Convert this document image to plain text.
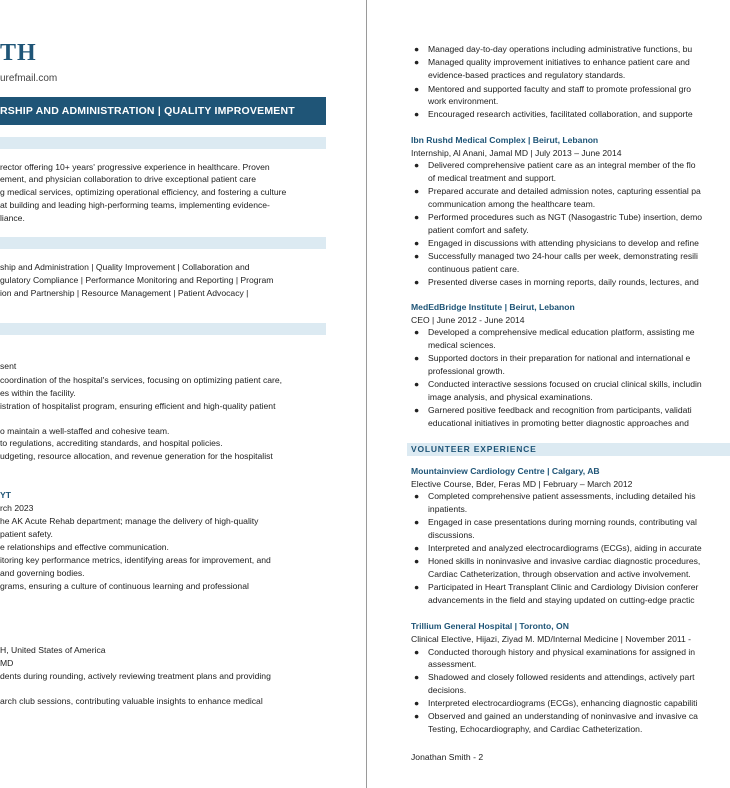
TH
urefmail.com
RSHIP AND ADMINISTRATION | QUALITY IMPROVEMENT
rector offering 10+ years' progressive experience in healthcare. Proven
ement, and physician collaboration to drive exceptional patient care
g medical services, optimizing operational efficiency, and fostering a culture
at building and leading high-performing teams, implementing evidence-
liance.
ship and Administration | Quality Improvement | Collaboration and
gulatory Compliance | Performance Monitoring and Reporting | Program
ion and Partnership | Resource Management | Patient Advocacy |
sent
coordination of the hospital's services, focusing on optimizing patient care,
es within the facility.
istration of hospitalist program, ensuring efficient and high-quality patient
o maintain a well-staffed and cohesive team.
to regulations, accrediting standards, and hospital policies.
udgeting, resource allocation, and revenue generation for the hospitalist
YT
rch 2023
he AK Acute Rehab department; manage the delivery of high-quality
patient safety.
e relationships and effective communication.
itoring key performance metrics, identifying areas for improvement, and
and governing bodies.
grams, ensuring a culture of continuous learning and professional
H, United States of America
MD
dents during rounding, actively reviewing treatment plans and providing
arch club sessions, contributing valuable insights to enhance medical
● Managed day-to-day operations including administrative functions, bu
● Managed quality improvement initiatives to enhance patient care and
evidence-based practices and regulatory standards.
● Mentored and supported faculty and staff to promote professional gro
work environment.
● Encouraged research activities, facilitated collaboration, and supporte
Ibn Rushd Medical Complex | Beirut, Lebanon
Internship, Al Anani, Jamal MD | July 2013 – June 2014
● Delivered comprehensive patient care as an integral member of the flo
of medical treatment and support.
● Prepared accurate and detailed admission notes, capturing essential pa
communication among the healthcare team.
● Performed procedures such as NGT (Nasogastric Tube) insertion, demo
patient comfort and safety.
● Engaged in discussions with attending physicians to develop and refine
● Successfully managed two 24-hour calls per week, demonstrating resili
continuous patient care.
● Presented diverse cases in morning reports, daily rounds, lectures, and
MedEdBridge Institute | Beirut, Lebanon
CEO | June 2012 - June 2014
● Developed a comprehensive medical education platform, assisting me
medical sciences.
● Supported doctors in their preparation for national and international e
professional growth.
● Conducted interactive sessions focused on crucial clinical skills, includin
image analysis, and physical examinations.
● Garnered positive feedback and recognition from participants, validati
educational initiatives in promoting better diagnostic approaches and
VOLUNTEER EXPERIENCE
Mountainview Cardiology Centre | Calgary, AB
Elective Course, Bder, Feras MD | February – March 2012
● Completed comprehensive patient assessments, including detailed his
inpatients.
● Engaged in case presentations during morning rounds, contributing val
discussions.
● Interpreted and analyzed electrocardiograms (ECGs), aiding in accurate
● Honed skills in noninvasive and invasive cardiac diagnostic procedures,
Cardiac Catheterization, through observation and active involvement.
● Participated in Heart Transplant Clinic and Cardiology Division conferer
advancements in the field and staying updated on cutting-edge practic
Trillium General Hospital | Toronto, ON
Clinical Elective, Hijazi, Ziyad M. MD/Internal Medicine | November 2011 -
● Conducted thorough history and physical examinations for assigned in
assessment.
● Shadowed and closely followed residents and attendings, actively part
decisions.
● Interpreted electrocardiograms (ECGs), enhancing diagnostic capabiliti
● Observed and gained an understanding of noninvasive and invasive ca
Testing, Echocardiography, and Cardiac Catheterization.
Jonathan Smith - 2
